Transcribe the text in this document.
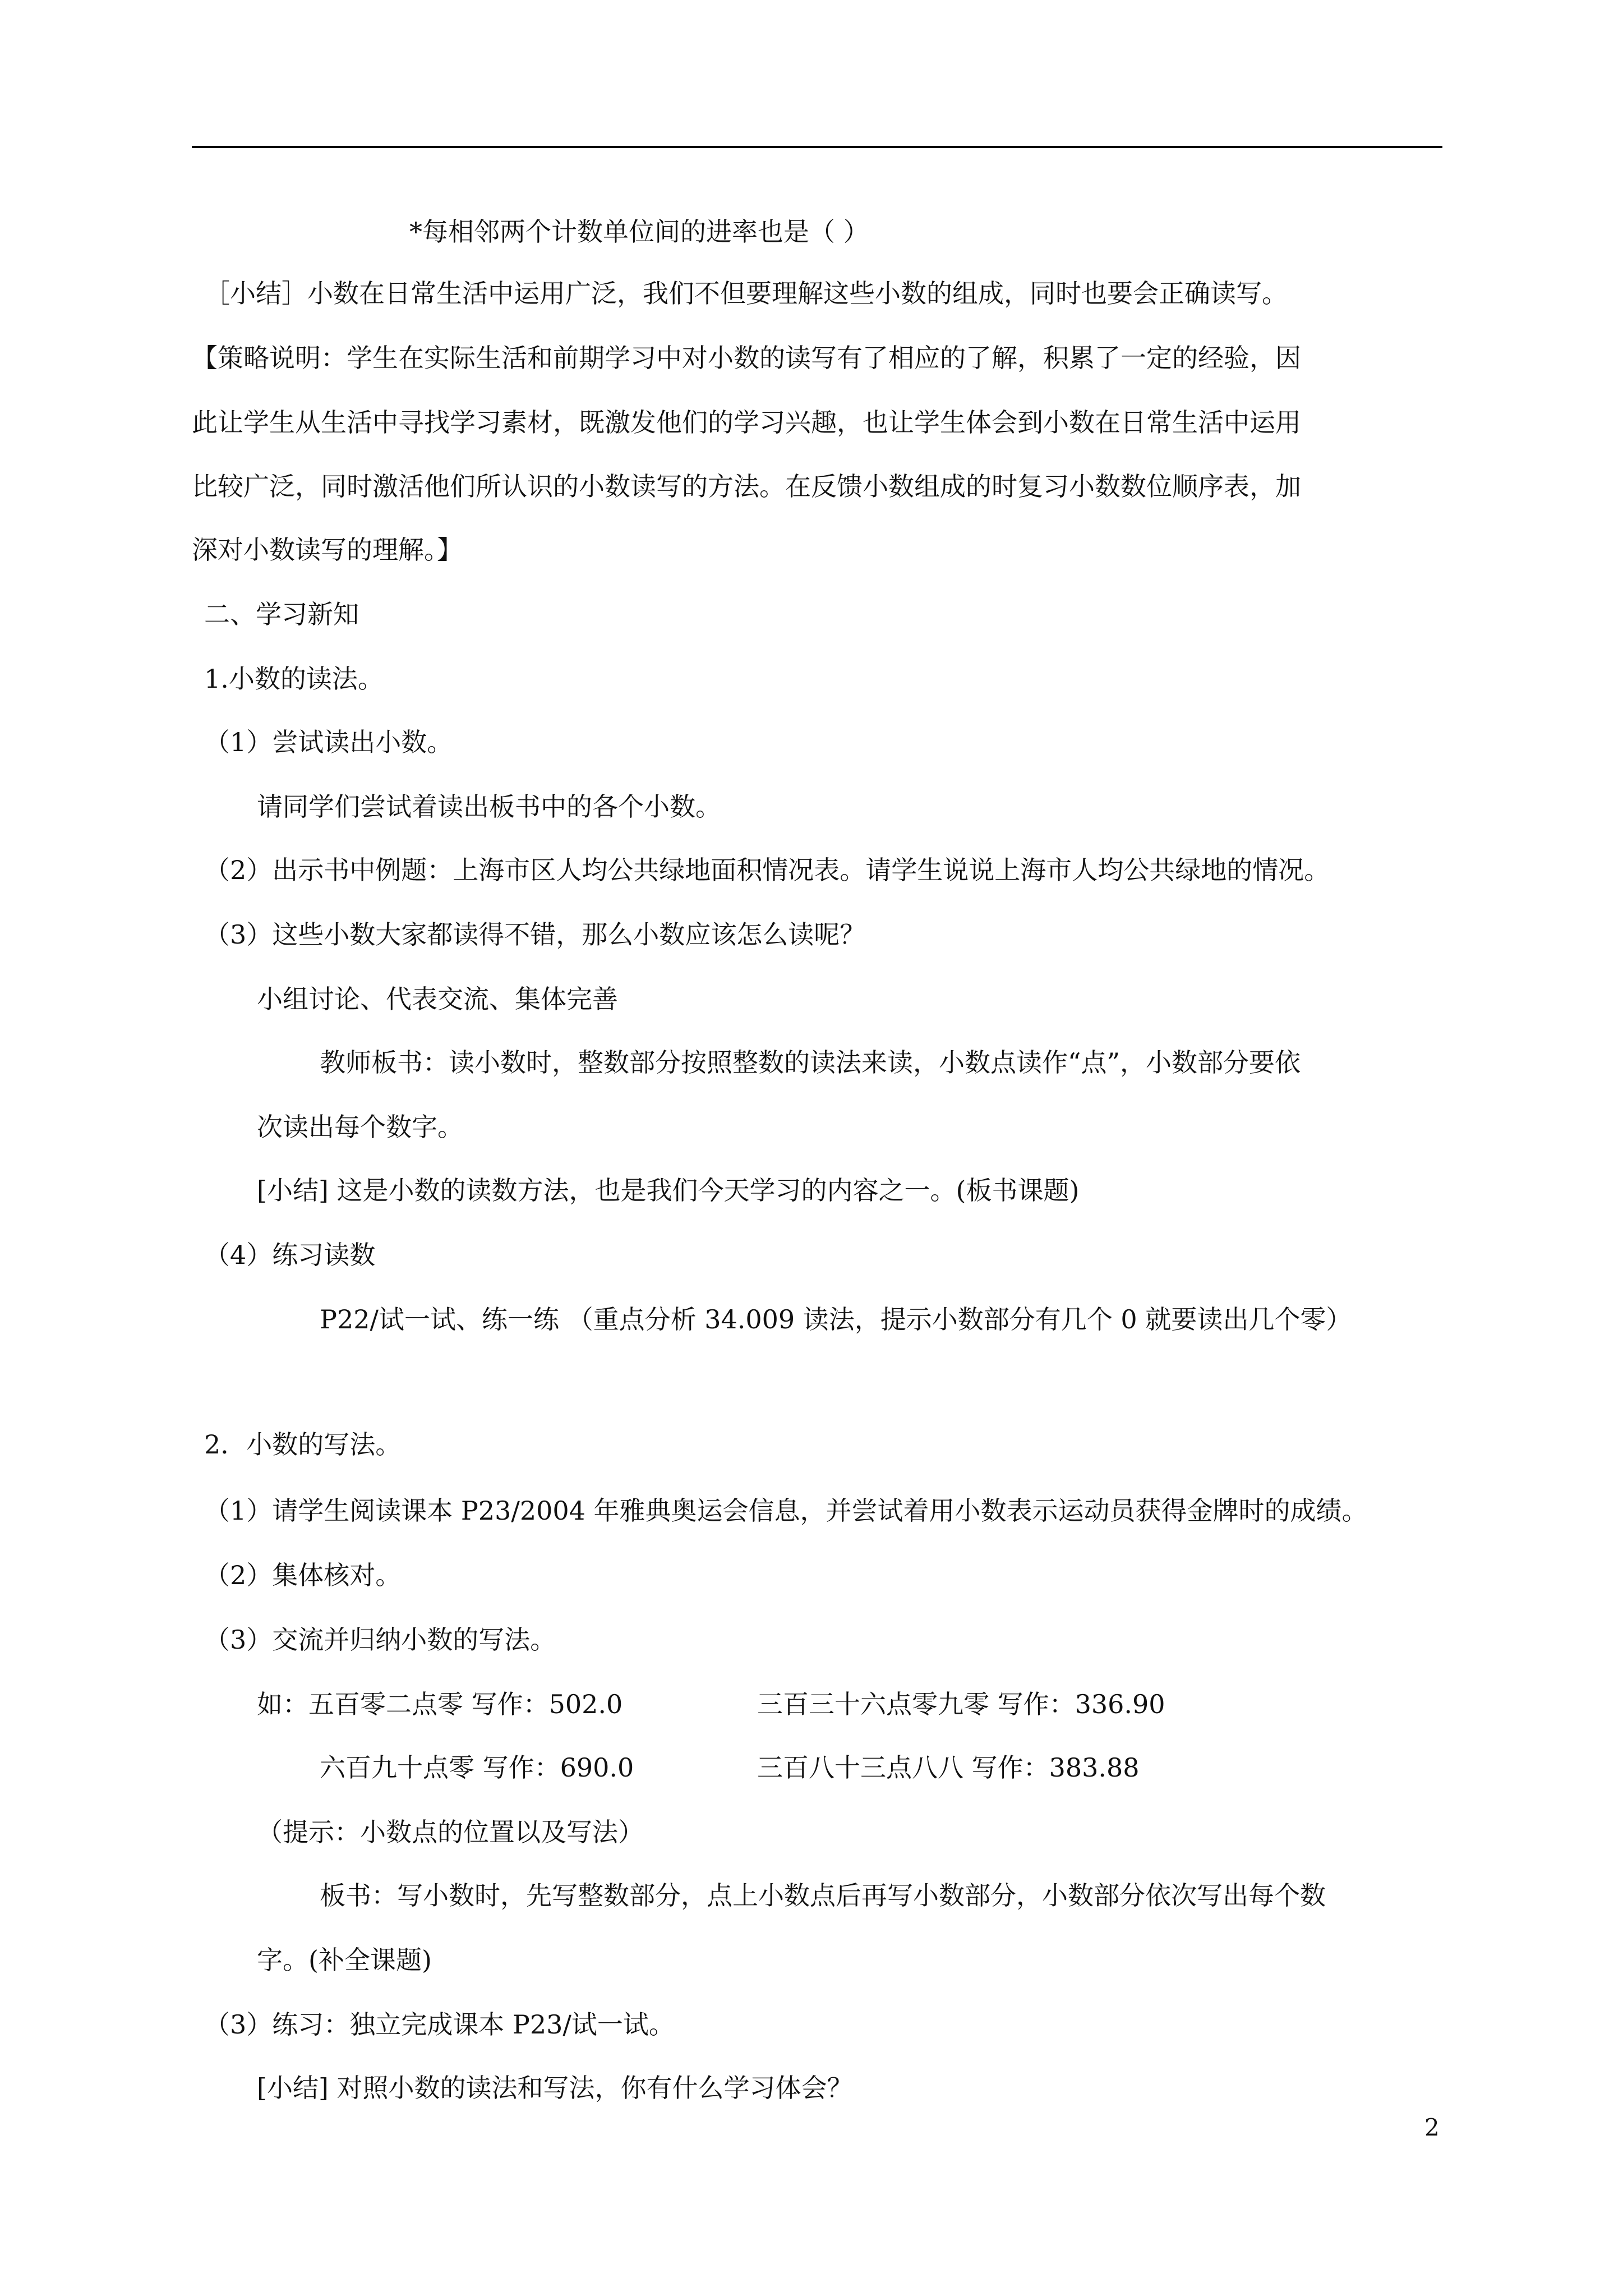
*每相邻两个计数单位间的进率也是（ ）
［小结］小数在日常生活中运用广泛，我们不但要理解这些小数的组成，同时也要会正确读写。
【策略说明：学生在实际生活和前期学习中对小数的读写有了相应的了解，积累了一定的经验，因
此让学生从生活中寻找学习素材，既激发他们的学习兴趣，也让学生体会到小数在日常生活中运用
比较广泛，同时激活他们所认识的小数读写的方法。在反馈小数组成的时复习小数数位顺序表，加
深对小数读写的理解。】
二、学习新知
1.小数的读法。
（1）尝试读出小数。
请同学们尝试着读出板书中的各个小数。
（2）出示书中例题：上海市区人均公共绿地面积情况表。请学生说说上海市人均公共绿地的情况。
（3）这些小数大家都读得不错，那么小数应该怎么读呢？
小组讨论、代表交流、集体完善
教师板书：读小数时，整数部分按照整数的读法来读，小数点读作“点”，小数部分要依
次读出每个数字。
[小结] 这是小数的读数方法，也是我们今天学习的内容之一。(板书课题)
（4）练习读数
P22/试一试、练一练 （重点分析 34.009 读法，提示小数部分有几个 0 就要读出几个零）
2．小数的写法。
（1）请学生阅读课本 P23/2004 年雅典奥运会信息，并尝试着用小数表示运动员获得金牌时的成绩。
（2）集体核对。
（3）交流并归纳小数的写法。
如：五百零二点零 写作：502.0	三百三十六点零九零 写作：336.90
六百九十点零 写作：690.0	三百八十三点八八 写作：383.88
（提示：小数点的位置以及写法）
板书：写小数时，先写整数部分，点上小数点后再写小数部分，小数部分依次写出每个数
字。(补全课题)
（3）练习：独立完成课本 P23/试一试。
[小结] 对照小数的读法和写法，你有什么学习体会？
2
